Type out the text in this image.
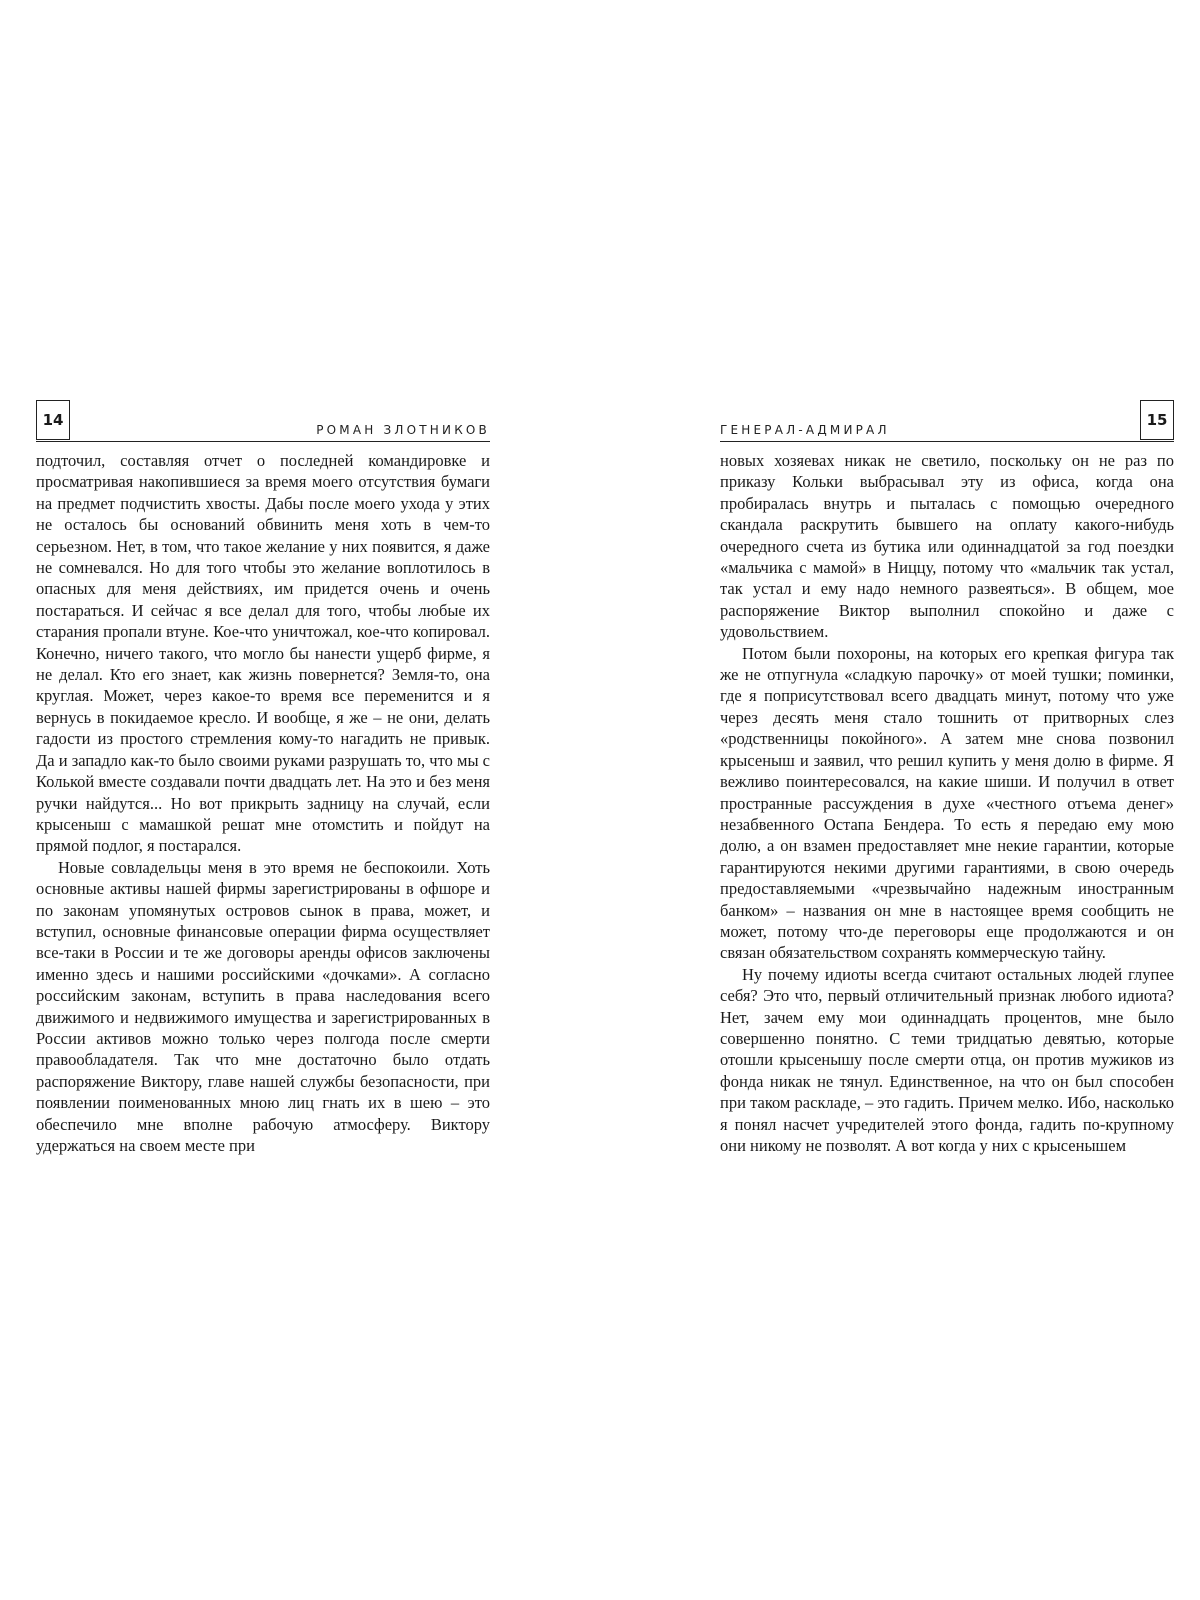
14
РОМАН ЗЛОТНИКОВ

подточил, составляя отчет о последней командировке и просматривая накопившиеся за время моего отсутствия бумаги на предмет подчистить хвосты. Дабы после моего ухода у этих не осталось бы оснований обвинить меня хоть в чем-то серьезном. Нет, в том, что такое желание у них появится, я даже не сомневался. Но для того чтобы это желание воплотилось в опасных для меня действиях, им придется очень и очень постараться. И сейчас я все делал для того, чтобы любые их старания пропали втуне. Кое-что уничтожал, кое-что копировал. Конечно, ничего такого, что могло бы нанести ущерб фирме, я не делал. Кто его знает, как жизнь повернется? Земля-то, она круглая. Может, через какое-то время все переменится и я вернусь в покидаемое кресло. И вообще, я же – не они, делать гадости из простого стремления кому-то нагадить не привык. Да и западло как-то было своими руками разрушать то, что мы с Колькой вместе создавали почти двадцать лет. На это и без меня ручки найдутся... Но вот прикрыть задницу на случай, если крысеныш с мамашкой решат мне отомстить и пойдут на прямой подлог, я постарался.

Новые совладельцы меня в это время не беспокоили. Хоть основные активы нашей фирмы зарегистрированы в офшоре и по законам упомянутых островов сынок в права, может, и вступил, основные финансовые операции фирма осуществляет все-таки в России и те же договоры аренды офисов заключены именно здесь и нашими российскими «дочками». А согласно российским законам, вступить в права наследования всего движимого и недвижимого имущества и зарегистрированных в России активов можно только через полгода после смерти правообладателя. Так что мне достаточно было отдать распоряжение Виктору, главе нашей службы безопасности, при появлении поименованных мною лиц гнать их в шею – это обеспечило мне вполне рабочую атмосферу. Виктору удержаться на своем месте при

ГЕНЕРАЛ-АДМИРАЛ
15

новых хозяевах никак не светило, поскольку он не раз по приказу Кольки выбрасывал эту из офиса, когда она пробиралась внутрь и пыталась с помощью очередного скандала раскрутить бывшего на оплату какого-нибудь очередного счета из бутика или одиннадцатой за год поездки «мальчика с мамой» в Ниццу, потому что «мальчик так устал, так устал и ему надо немного развеяться». В общем, мое распоряжение Виктор выполнил спокойно и даже с удовольствием.

Потом были похороны, на которых его крепкая фигура так же не отпугнула «сладкую парочку» от моей тушки; поминки, где я поприсутствовал всего двадцать минут, потому что уже через десять меня стало тошнить от притворных слез «родственницы покойного». А затем мне снова позвонил крысеныш и заявил, что решил купить у меня долю в фирме. Я вежливо поинтересовался, на какие шиши. И получил в ответ пространные рассуждения в духе «честного отъема денег» незабвенного Остапа Бендера. То есть я передаю ему мою долю, а он взамен предоставляет мне некие гарантии, которые гарантируются некими другими гарантиями, в свою очередь предоставляемыми «чрезвычайно надежным иностранным банком» – названия он мне в настоящее время сообщить не может, потому что-де переговоры еще продолжаются и он связан обязательством сохранять коммерческую тайну.

Ну почему идиоты всегда считают остальных людей глупее себя? Это что, первый отличительный признак любого идиота? Нет, зачем ему мои одиннадцать процентов, мне было совершенно понятно. С теми тридцатью девятью, которые отошли крысенышу после смерти отца, он против мужиков из фонда никак не тянул. Единственное, на что он был способен при таком раскладе, – это гадить. Причем мелко. Ибо, насколько я понял насчет учредителей этого фонда, гадить по-крупному они никому не позволят. А вот когда у них с крысенышем
